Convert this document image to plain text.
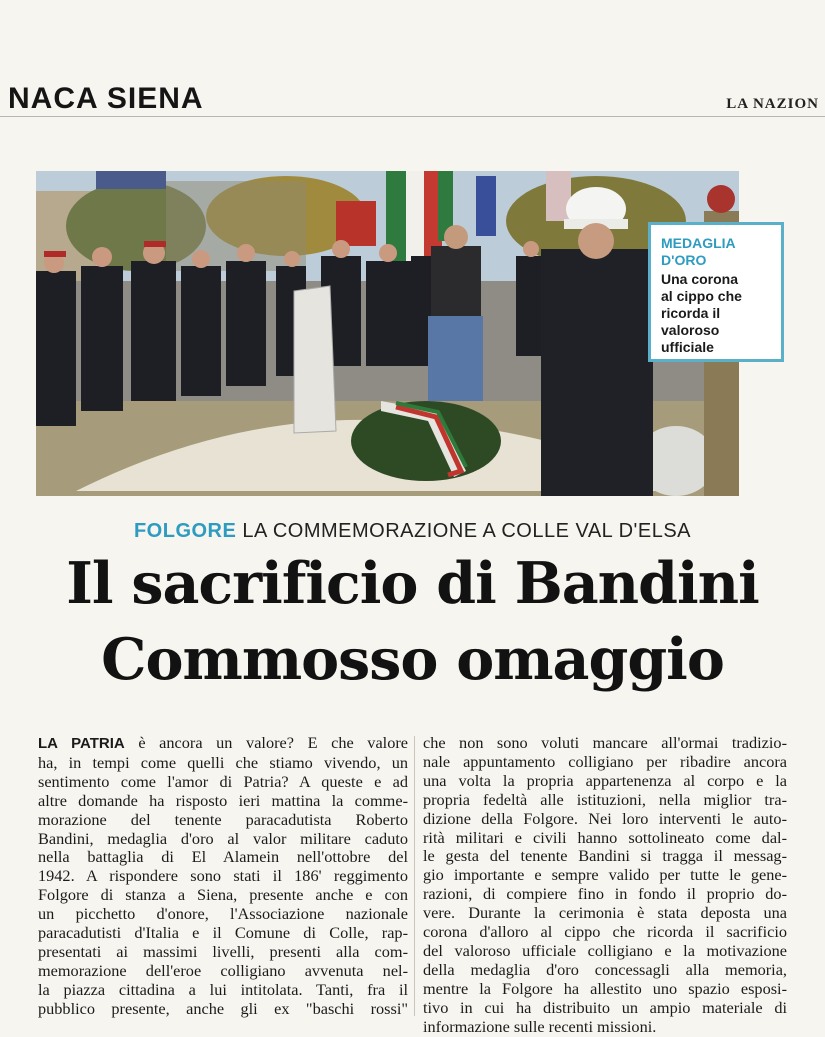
NACA SIENA	LA NAZION
MEDAGLIA
D'ORO
Una corona
al cippo che
ricorda il
valoroso
ufficiale
FOLGORE LA COMMEMORAZIONE A COLLE VAL D'ELSA
Il sacrificio di Bandini
Commosso omaggio
LA PATRIA è ancora un valore? E che valore
ha, in tempi come quelli che stiamo vivendo, un
sentimento come l'amor di Patria? A queste e ad
altre domande ha risposto ieri mattina la comme-
morazione del tenente paracadutista Roberto
Bandini, medaglia d'oro al valor militare caduto
nella battaglia di El Alamein nell'ottobre del
1942. A rispondere sono stati il 186' reggimento
Folgore di stanza a Siena, presente anche e con
un picchetto d'onore, l'Associazione nazionale
paracadutisti d'Italia e il Comune di Colle, rap-
presentati ai massimi livelli, presenti alla com-
memorazione dell'eroe colligiano avvenuta nel-
la piazza cittadina a lui intitolata. Tanti, fra il
pubblico presente, anche gli ex "baschi rossi"
che non sono voluti mancare all'ormai tradizio-
nale appuntamento colligiano per ribadire ancora
una volta la propria appartenenza al corpo e la
propria fedeltà alle istituzioni, nella miglior tra-
dizione della Folgore. Nei loro interventi le auto-
rità militari e civili hanno sottolineato come dal-
le gesta del tenente Bandini si tragga il messag-
gio importante e sempre valido per tutte le gene-
razioni, di compiere fino in fondo il proprio do-
vere. Durante la cerimonia è stata deposta una
corona d'alloro al cippo che ricorda il sacrificio
del valoroso ufficiale colligiano e la motivazione
della medaglia d'oro concessagli alla memoria,
mentre la Folgore ha allestito uno spazio esposi-
tivo in cui ha distribuito un ampio materiale di
informazione sulle recenti missioni.
